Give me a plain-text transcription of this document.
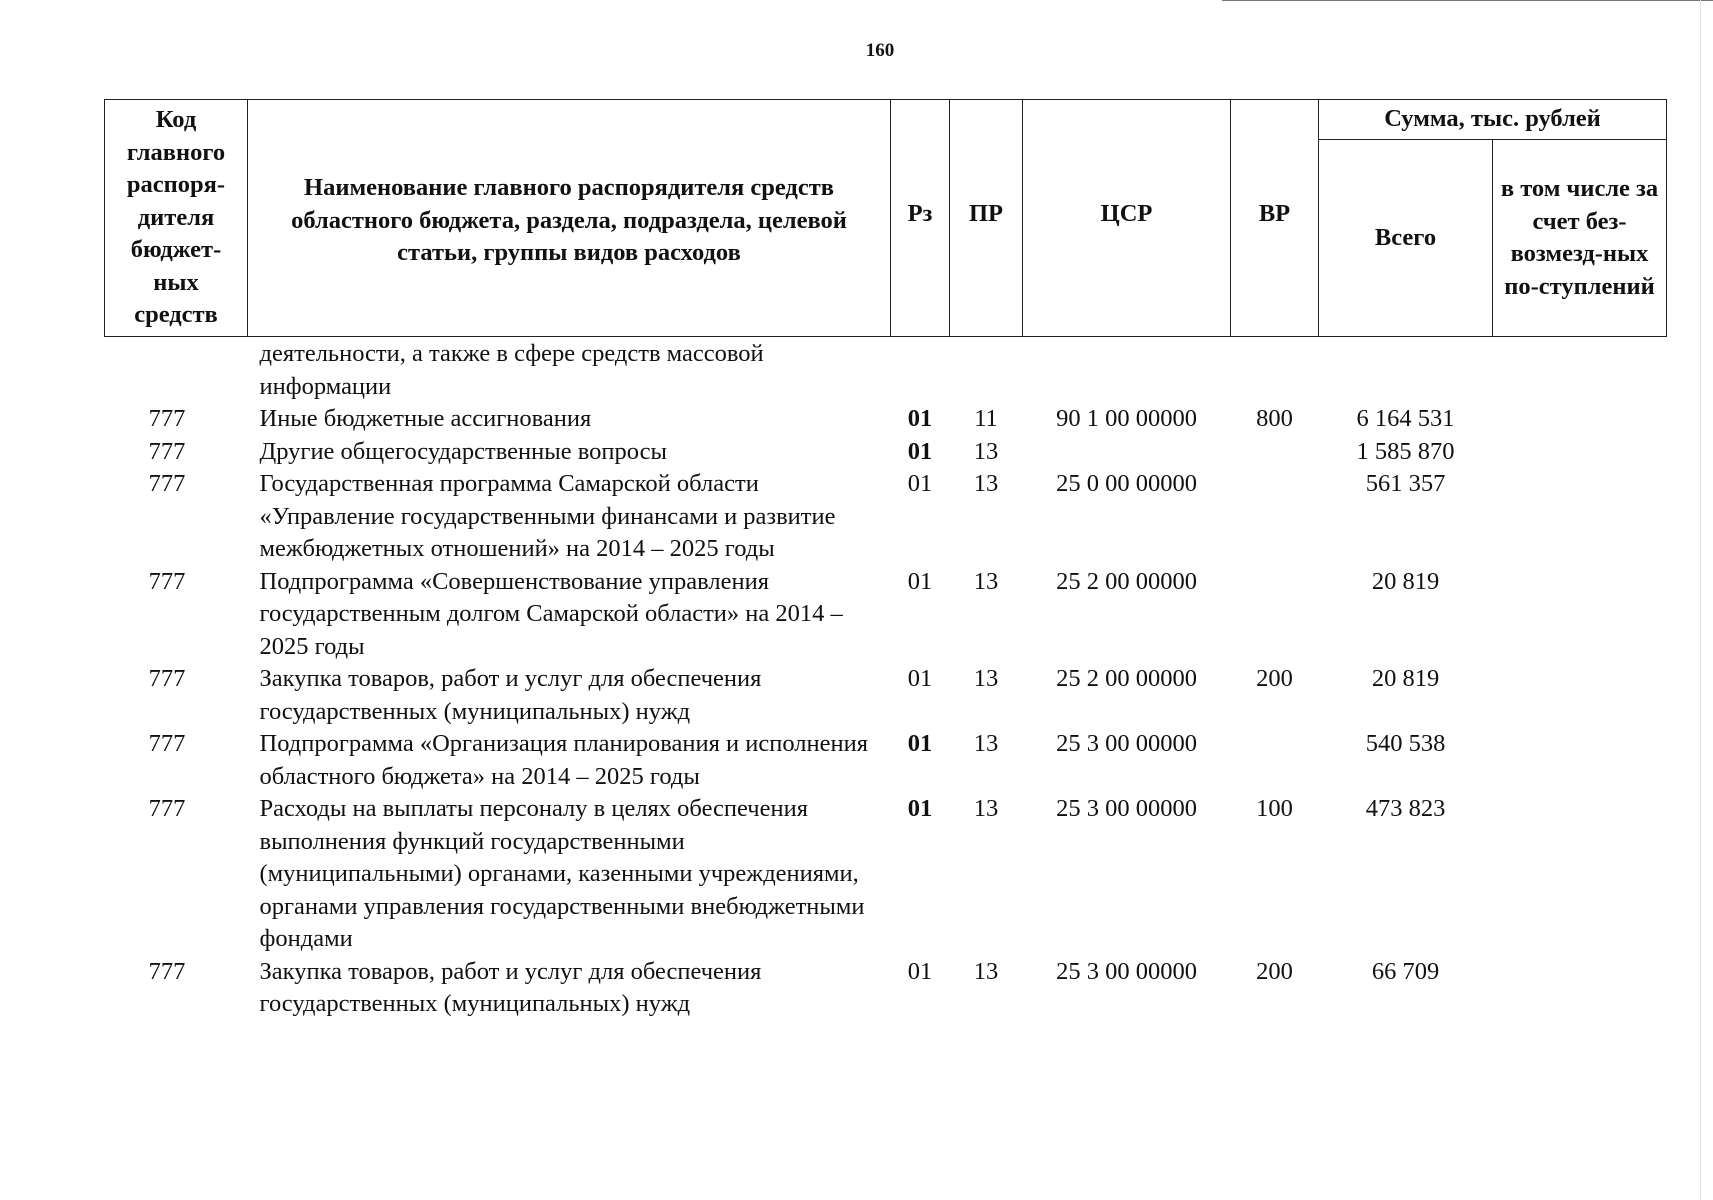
160
Код главного распоря-дителя бюджет-ных средств	Наименование главного распорядителя средств областного бюджета, раздела, подраздела, целевой статьи, группы видов расходов	Рз	ПР	ЦСР	ВР	Сумма, тыс. рублей	
						Всего	в том числе за счет без-возмезд-ных по-ступлений
	деятельности, а также в сфере средств массовой информации						
777	Иные бюджетные ассигнования	01	11	90 1 00 00000	800	6 164 531	
777	Другие общегосударственные вопросы	01	13			1 585 870	
777	Государственная программа Самарской области «Управление государственными финансами и развитие межбюджетных отношений» на 2014 – 2025 годы	01	13	25 0 00 00000		561 357	
777	Подпрограмма «Совершенствование управления государственным долгом Самарской области» на 2014 – 2025 годы	01	13	25 2 00 00000		20 819	
777	Закупка товаров, работ и услуг для обеспечения государственных (муниципальных) нужд	01	13	25 2 00 00000	200	20 819	
777	Подпрограмма «Организация планирования и исполнения областного бюджета» на 2014 – 2025 годы	01	13	25 3 00 00000		540 538	
777	Расходы на выплаты персоналу в целях обеспечения выполнения функций государственными (муниципальными) органами, казенными учреждениями, органами управления государственными внебюджетными фондами	01	13	25 3 00 00000	100	473 823	
777	Закупка товаров, работ и услуг для обеспечения государственных (муниципальных) нужд	01	13	25 3 00 00000	200	66 709	
